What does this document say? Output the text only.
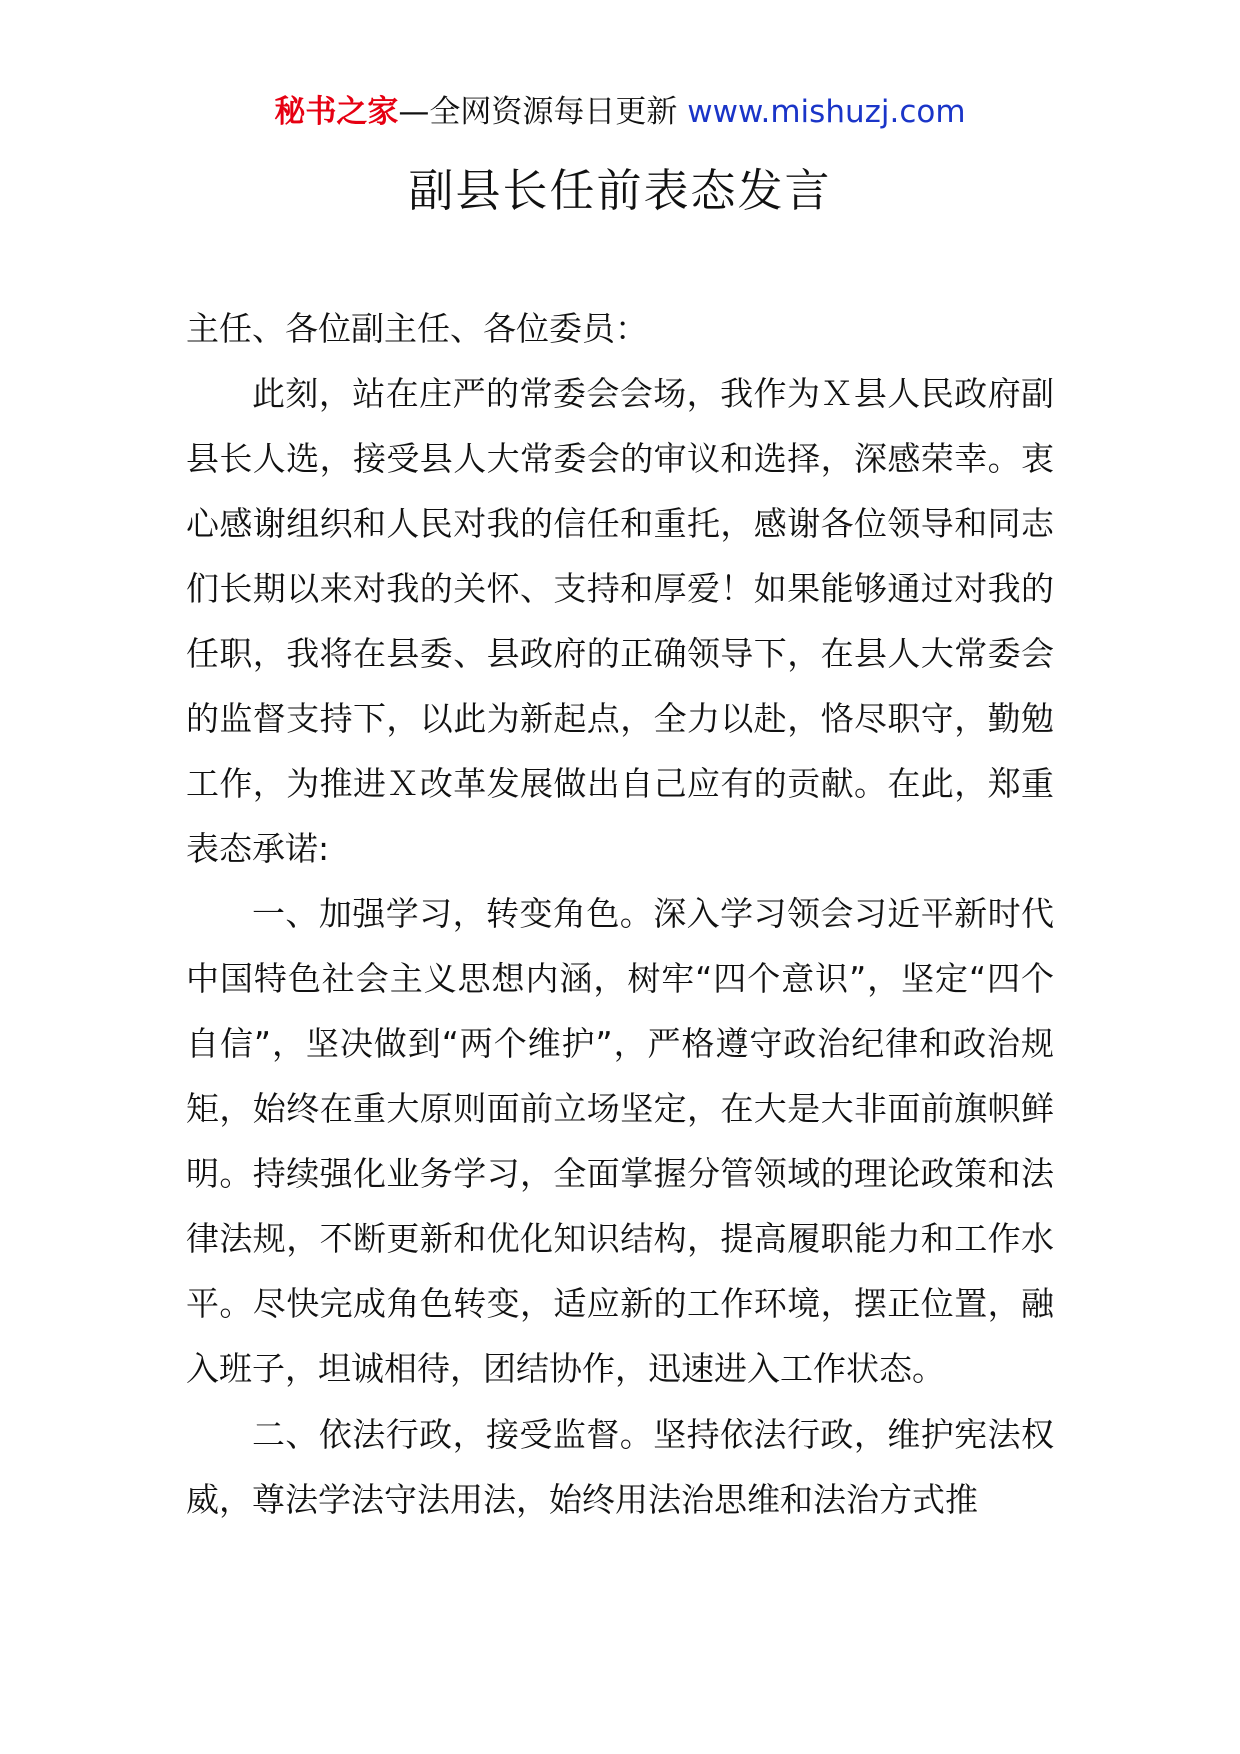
秘书之家—全网资源每日更新 www.mishuzj.com
副县长任前表态发言

主任、各位副主任、各位委员：

此刻，站在庄严的常委会会场，我作为Ｘ县人民政府副县长人选，接受县人大常委会的审议和选择，深感荣幸。衷心感谢组织和人民对我的信任和重托，感谢各位领导和同志们长期以来对我的关怀、支持和厚爱！如果能够通过对我的任职，我将在县委、县政府的正确领导下，在县人大常委会的监督支持下，以此为新起点，全力以赴，恪尽职守，勤勉工作，为推进Ｘ改革发展做出自己应有的贡献。在此，郑重表态承诺:

一、加强学习，转变角色。深入学习领会习近平新时代中国特色社会主义思想内涵，树牢“四个意识”，坚定“四个自信”，坚决做到“两个维护”，严格遵守政治纪律和政治规矩，始终在重大原则面前立场坚定，在大是大非面前旗帜鲜明。持续强化业务学习，全面掌握分管领域的理论政策和法律法规，不断更新和优化知识结构，提高履职能力和工作水平。尽快完成角色转变，适应新的工作环境，摆正位置，融入班子，坦诚相待，团结协作，迅速进入工作状态。

二、依法行政，接受监督。坚持依法行政，维护宪法权威，尊法学法守法用法，始终用法治思维和法治方式推
